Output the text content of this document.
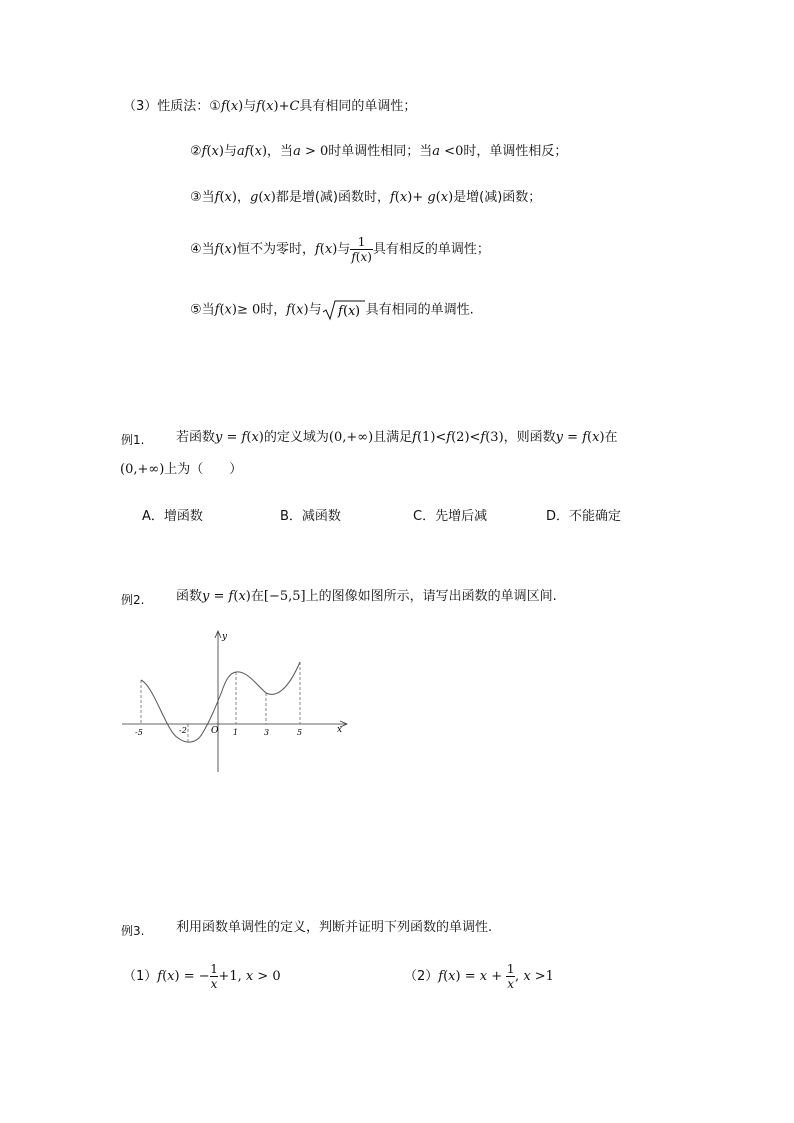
（3）性质法：①f(x)与f(x)+C具有相同的单调性；
②f(x)与af(x)，当a > 0时单调性相同；当a <0时，单调性相反；
③当f(x)，g(x)都是增(减)函数时，f(x)+ g(x)是增(减)函数；
④当f(x)恒不为零时，f(x)与 $\frac{1}{f(x)}$ 具有相反的单调性；
⑤当f(x)≥ 0时，f(x)与 f ( x ) 具有相同的单调性.
例1. 若函数y = f(x)的定义域为(0,+∞)且满足f(1)<f(2)<f(3)，则函数y = f(x)在
(0,+∞)上为（　　）
A．增函数	B．减函数	C．先增后减	D．不能确定
例2. 函数y = f(x)在[−5,5]上的图像如图所示，请写出函数的单调区间.
y
x
O
-5	-2	1	3	5
例3. 利用函数单调性的定义，判断并证明下列函数的单调性.
（1）f(x) = − $\frac{1}{x} +1$, x > 0	$(2)f(x) = x + \frac{1}{x}$ , x >1
